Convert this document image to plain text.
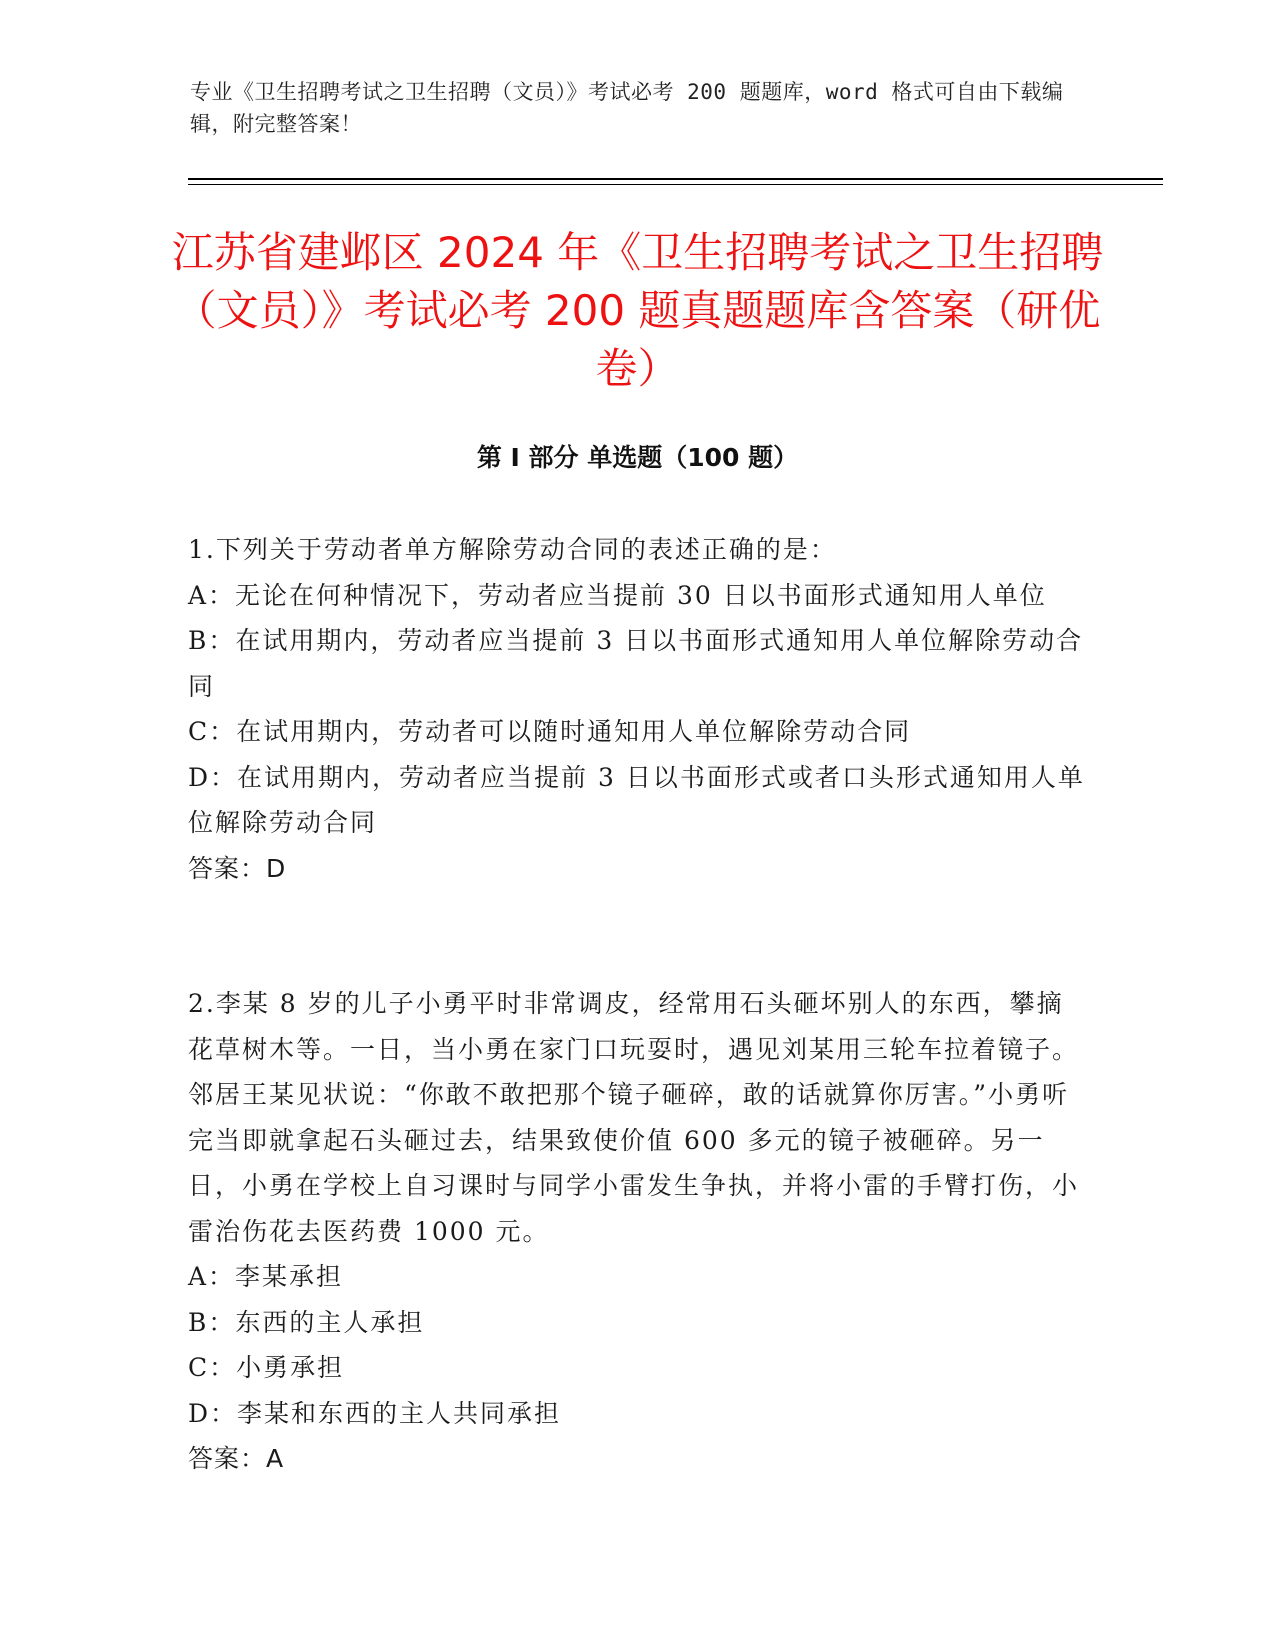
专业《卫生招聘考试之卫生招聘（文员）》考试必考 200 题题库，word 格式可自由下载编辑，附完整答案！
江苏省建邺区 2024 年《卫生招聘考试之卫生招聘（文员）》考试必考 200 题真题题库含答案（研优卷）
第 I 部分 单选题（100 题）
1.下列关于劳动者单方解除劳动合同的表述正确的是：
A：无论在何种情况下，劳动者应当提前 30 日以书面形式通知用人单位
B：在试用期内，劳动者应当提前 3 日以书面形式通知用人单位解除劳动合同
C：在试用期内，劳动者可以随时通知用人单位解除劳动合同
D：在试用期内，劳动者应当提前 3 日以书面形式或者口头形式通知用人单位解除劳动合同
答案：D
2.李某 8 岁的儿子小勇平时非常调皮，经常用石头砸坏别人的东西，攀摘花草树木等。一日，当小勇在家门口玩耍时，遇见刘某用三轮车拉着镜子。邻居王某见状说：“你敢不敢把那个镜子砸碎，敢的话就算你厉害。”小勇听完当即就拿起石头砸过去，结果致使价值 600 多元的镜子被砸碎。另一日，小勇在学校上自习课时与同学小雷发生争执，并将小雷的手臂打伤，小雷治伤花去医药费 1000 元。
A：李某承担
B：东西的主人承担
C：小勇承担
D：李某和东西的主人共同承担
答案：A
